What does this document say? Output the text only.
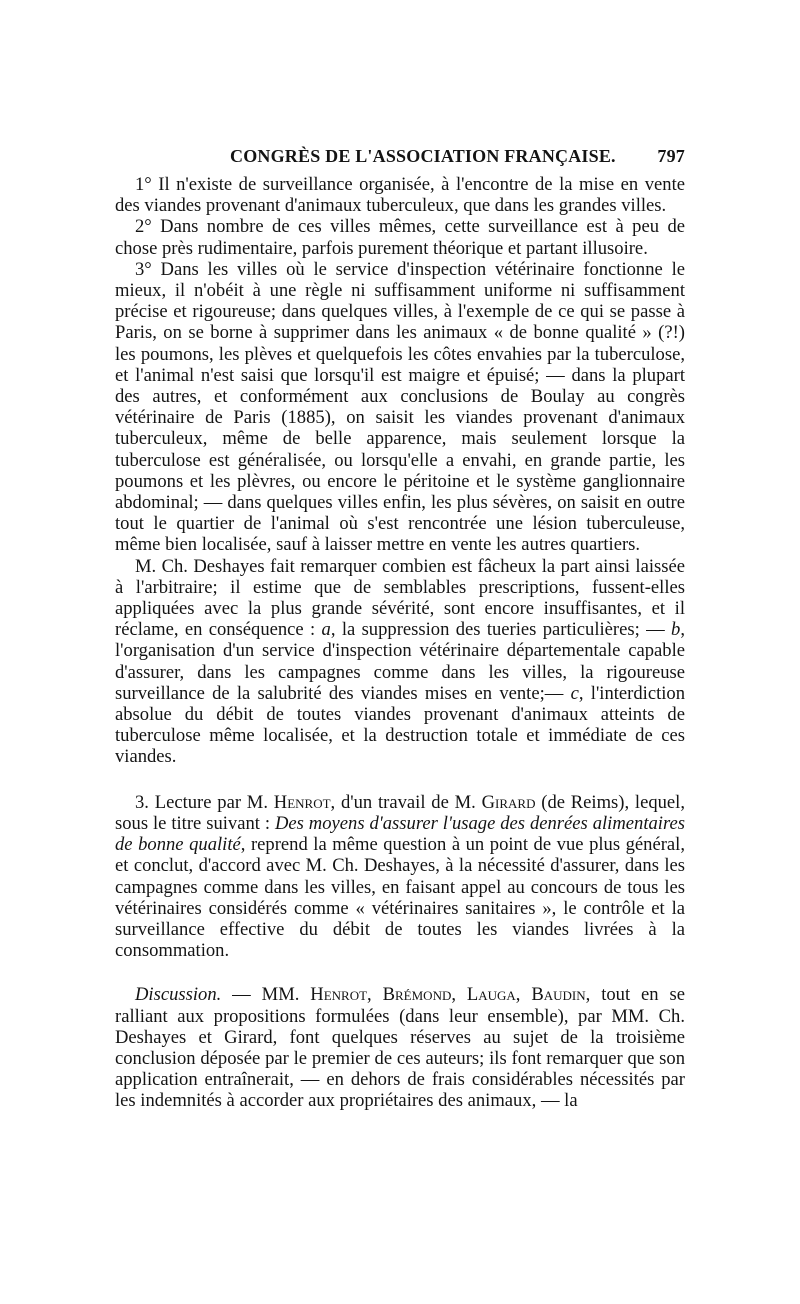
CONGRÈS DE L'ASSOCIATION FRANÇAISE. 797

1° Il n'existe de surveillance organisée, à l'encontre de la mise en vente des viandes provenant d'animaux tuberculeux, que dans les grandes villes.

2° Dans nombre de ces villes mêmes, cette surveillance est à peu de chose près rudimentaire, parfois purement théorique et partant illusoire.

3° Dans les villes où le service d'inspection vétérinaire fonctionne le mieux, il n'obéit à une règle ni suffisamment uniforme ni suffisamment précise et rigoureuse; dans quelques villes, à l'exemple de ce qui se passe à Paris, on se borne à supprimer dans les animaux « de bonne qualité » (?!) les poumons, les plèves et quelquefois les côtes envahies par la tuberculose, et l'animal n'est saisi que lorsqu'il est maigre et épuisé; — dans la plupart des autres, et conformément aux conclusions de Boulay au congrès vétérinaire de Paris (1885), on saisit les viandes provenant d'animaux tuberculeux, même de belle apparence, mais seulement lorsque la tuberculose est généralisée, ou lorsqu'elle a envahi, en grande partie, les poumons et les plèvres, ou encore le péritoine et le système ganglionnaire abdominal; — dans quelques villes enfin, les plus sévères, on saisit en outre tout le quartier de l'animal où s'est rencontrée une lésion tuberculeuse, même bien localisée, sauf à laisser mettre en vente les autres quartiers.

M. Ch. Deshayes fait remarquer combien est fâcheux la part ainsi laissée à l'arbitraire; il estime que de semblables prescriptions, fussent-elles appliquées avec la plus grande sévérité, sont encore insuffisantes, et il réclame, en conséquence : a, la suppression des tueries particulières; — b, l'organisation d'un service d'inspection vétérinaire départementale capable d'assurer, dans les campagnes comme dans les villes, la rigoureuse surveillance de la salubrité des viandes mises en vente;— c, l'interdiction absolue du débit de toutes viandes provenant d'animaux atteints de tuberculose même localisée, et la destruction totale et immédiate de ces viandes.

3. Lecture par M. Henrot, d'un travail de M. Girard (de Reims), lequel, sous le titre suivant : Des moyens d'assurer l'usage des denrées alimentaires de bonne qualité, reprend la même question à un point de vue plus général, et conclut, d'accord avec M. Ch. Deshayes, à la nécessité d'assurer, dans les campagnes comme dans les villes, en faisant appel au concours de tous les vétérinaires considérés comme « vétérinaires sanitaires », le contrôle et la surveillance effective du débit de toutes les viandes livrées à la consommation.

Discussion. — MM. Henrot, Brémond, Lauga, Baudin, tout en se ralliant aux propositions formulées (dans leur ensemble), par MM. Ch. Deshayes et Girard, font quelques réserves au sujet de la troisième conclusion déposée par le premier de ces auteurs; ils font remarquer que son application entraînerait, — en dehors de frais considérables nécessités par les indemnités à accorder aux propriétaires des animaux, — la
